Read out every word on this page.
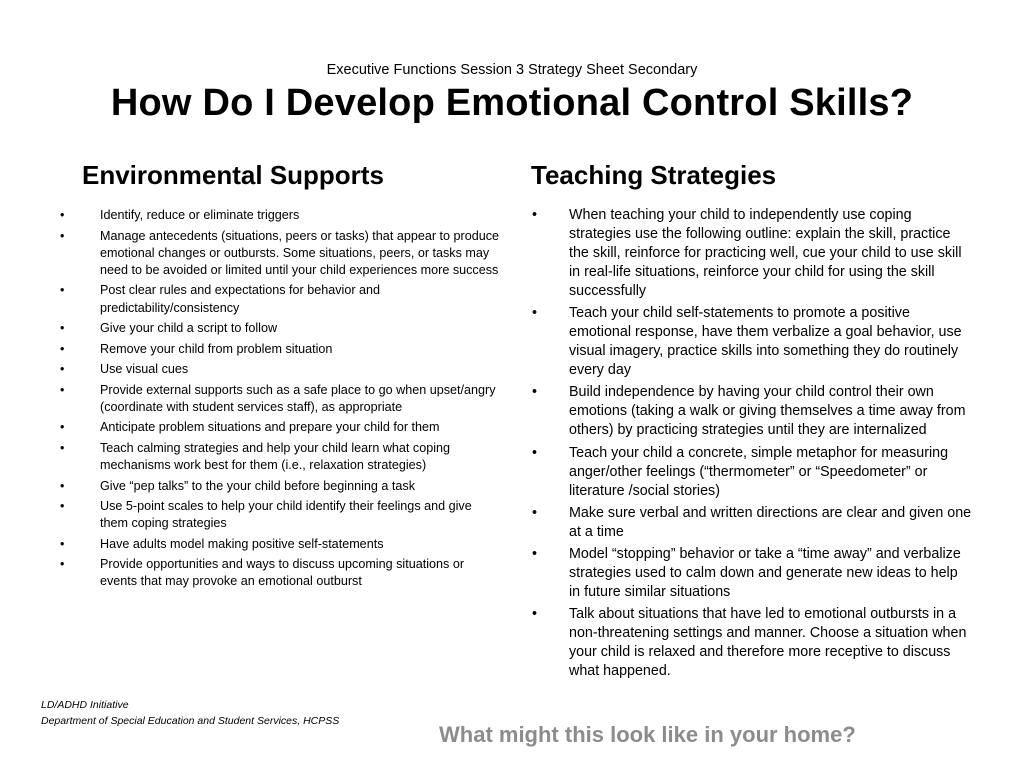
Executive Functions Session 3 Strategy Sheet Secondary
How Do I Develop Emotional Control Skills?
Environmental Supports	Teaching Strategies
•	Identify, reduce or eliminate triggers
•	Manage antecedents (situations, peers or tasks) that appear to produce emotional changes or outbursts. Some situations, peers, or tasks may need to be avoided or limited until your child experiences more success
•	Post clear rules and expectations for behavior and predictability/consistency
•	Give your child a script to follow
•	Remove your child from problem situation
•	Use visual cues
•	Provide external supports such as a safe place to go when upset/angry (coordinate with student services staff), as appropriate
•	Anticipate problem situations and prepare your child for them
•	Teach calming strategies and help your child learn what coping mechanisms work best for them (i.e., relaxation strategies)
•	Give “pep talks” to the your child before beginning a task
•	Use 5-point scales to help your child identify their feelings and give them coping strategies
•	Have adults model making positive self-statements
•	Provide opportunities and ways to discuss upcoming situations or events that may provoke an emotional outburst
• When teaching your child to independently use coping strategies use the following outline: explain the skill, practice the skill, reinforce for practicing well, cue your child to use skill in real-life situations, reinforce your child for using the skill successfully
• Teach your child self-statements to promote a positive emotional response, have them verbalize a goal behavior, use visual imagery, practice skills into something they do routinely every day
• Build independence by having your child control their own emotions (taking a walk or giving themselves a time away from others) by practicing strategies until they are internalized
• Teach your child a concrete, simple metaphor for measuring anger/other feelings (“thermometer” or “Speedometer” or literature /social stories)
• Make sure verbal and written directions are clear and given one at a time
• Model “stopping” behavior or take a “time away” and verbalize strategies used to calm down and generate new ideas to help in future similar situations
• Talk about situations that have led to emotional outbursts in a non-threatening settings and manner. Choose a situation when your child is relaxed and therefore more receptive to discuss what happened.
LD/ADHD Initiative
Department of Special Education and Student Services, HCPSS
What might this look like in your home?
